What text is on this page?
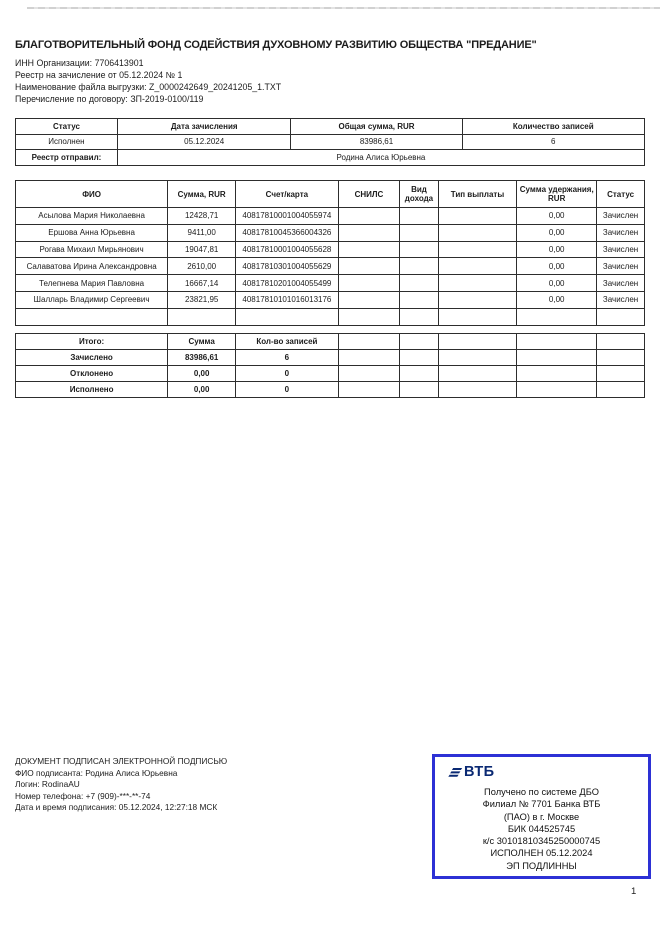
БЛАГОТВОРИТЕЛЬНЫЙ ФОНД СОДЕЙСТВИЯ ДУХОВНОМУ РАЗВИТИЮ ОБЩЕСТВА "ПРЕДАНИЕ"
ИНН Организации: 7706413901
Реестр на зачисление от 05.12.2024 № 1
Наименование файла выгрузки: Z_0000242649_20241205_1.TXT
Перечисление по договору: ЗП-2019-0100/119
Статус	Дата зачисления	Общая сумма, RUR	Количество записей
Исполнен	05.12.2024	83986,61	6
Реестр отправил:	Родина Алиса Юрьевна		
ФИО	Сумма, RUR	Счет/карта	СНИЛС	Вид дохода	Тип выплаты	Сумма удержания, RUR	Статус
Асылова Мария Николаевна	12428,71	40817810001004055974				0,00	Зачислен
Ершова Анна Юрьевна	9411,00	40817810045366004326				0,00	Зачислен
Рогава Михаил Мирьянович	19047,81	40817810001004055628				0,00	Зачислен
Салаватова Ирина Александровна	2610,00	40817810301004055629				0,00	Зачислен
Телепнева Мария Павловна	16667,14	40817810201004055499				0,00	Зачислен
Шалларь Владимир Сергеевич	23821,95	40817810101016013176				0,00	Зачислен

Итого:	Сумма	Кол-во записей					
Зачислено	83986,61	6					
Отклонено	0,00	0					
Исполнено	0,00	0					
ДОКУМЕНТ ПОДПИСАН ЭЛЕКТРОННОЙ ПОДПИСЬЮ
ФИО подписанта: Родина Алиса Юрьевна
Логин: RodinaAU
Номер телефона: +7 (909)-***-**-74
Дата и время подписания: 05.12.2024, 12:27:18 МСК
ВТБ
Получено по системе ДБО
Филиал № 7701 Банка ВТБ
(ПАО) в г. Москве
БИК 044525745
к/с 30101810345250000745
ИСПОЛНЕН 05.12.2024
ЭП ПОДЛИННЫ
1
